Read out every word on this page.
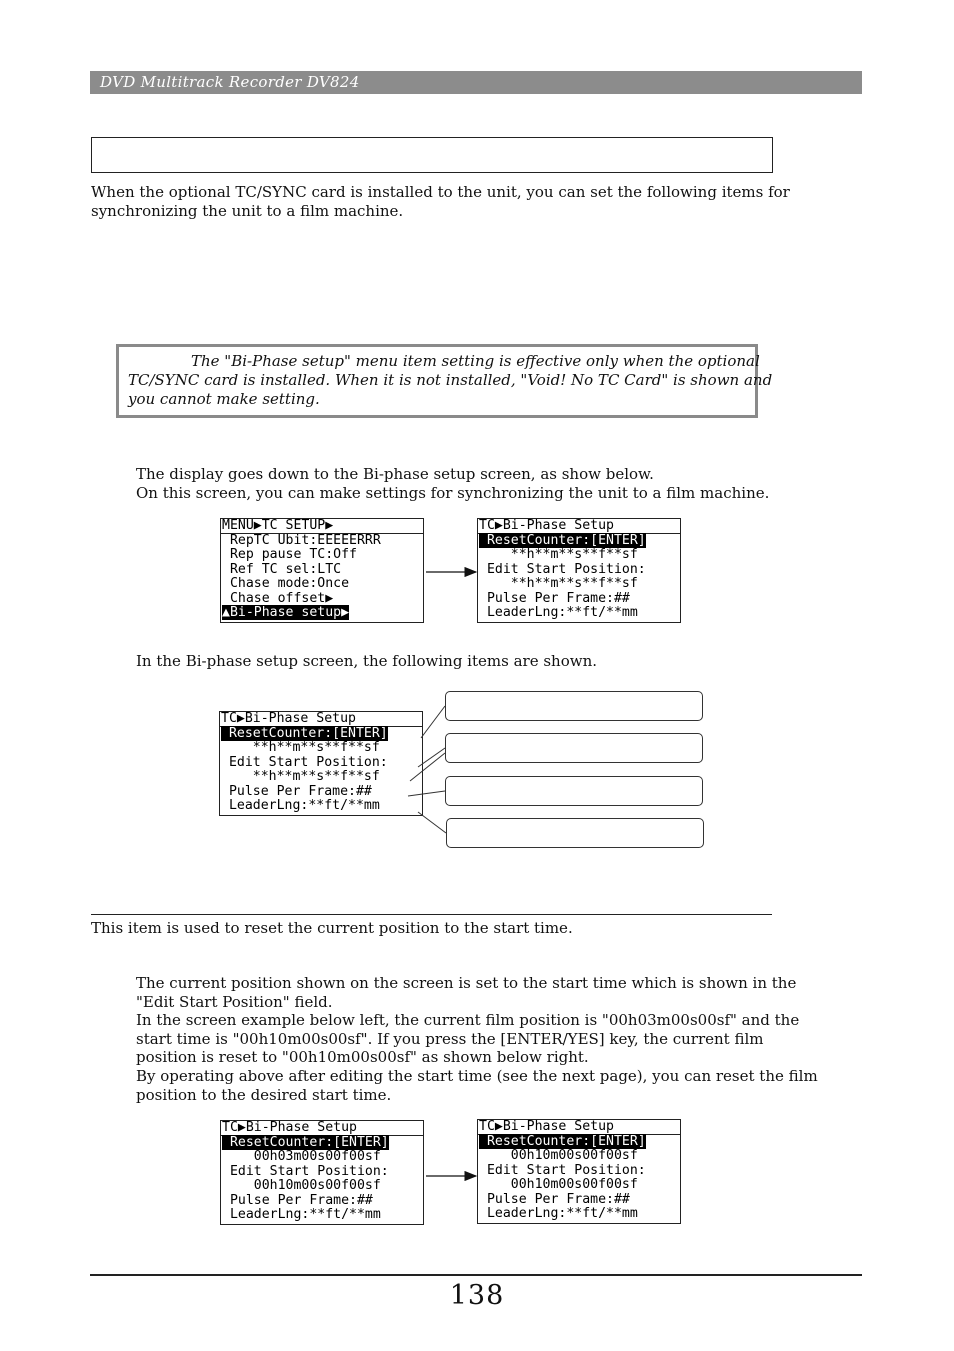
DVD Multitrack Recorder DV824
When the optional TC/SYNC card is installed to the unit, you can set the following items for
synchronizing the unit to a film machine.
The "Bi-Phase setup" menu item setting is effective only when the optional
TC/SYNC card is installed. When it is not installed, "Void! No TC Card" is shown and
you cannot make setting.
The display goes down to the Bi-phase setup screen, as show below.
On this screen, you can make settings for synchronizing the unit to a film machine.
MENU▶TC SETUP▶
RepTC Ubit:EEEEERRR
Rep pause TC:Off
Ref TC sel:LTC
Chase mode:Once
Chase offset▶
▲Bi-Phase setup▶
TC▶Bi-Phase Setup
ResetCounter:[ENTER]
**h**m**s**f**sf
Edit Start Position:
**h**m**s**f**sf
Pulse Per Frame:##
LeaderLng:**ft/**mm
In the Bi-phase setup screen, the following items are shown.
TC▶Bi-Phase Setup
ResetCounter:[ENTER]
**h**m**s**f**sf
Edit Start Position:
**h**m**s**f**sf
Pulse Per Frame:##
LeaderLng:**ft/**mm
This item is used to reset the current position to the start time.
The current position shown on the screen is set to the start time which is shown in the
"Edit Start Position" field.
In the screen example below left, the current film position is "00h03m00s00sf" and the
start time is "00h10m00s00sf". If you press the [ENTER/YES] key, the current film
position is reset to "00h10m00s00sf" as shown below right.
By operating above after editing the start time (see the next page), you can reset the film
position to the desired start time.
TC▶Bi-Phase Setup
ResetCounter:[ENTER]
00h03m00s00f00sf
Edit Start Position:
00h10m00s00f00sf
Pulse Per Frame:##
LeaderLng:**ft/**mm
TC▶Bi-Phase Setup
ResetCounter:[ENTER]
00h10m00s00f00sf
Edit Start Position:
00h10m00s00f00sf
Pulse Per Frame:##
LeaderLng:**ft/**mm
138
